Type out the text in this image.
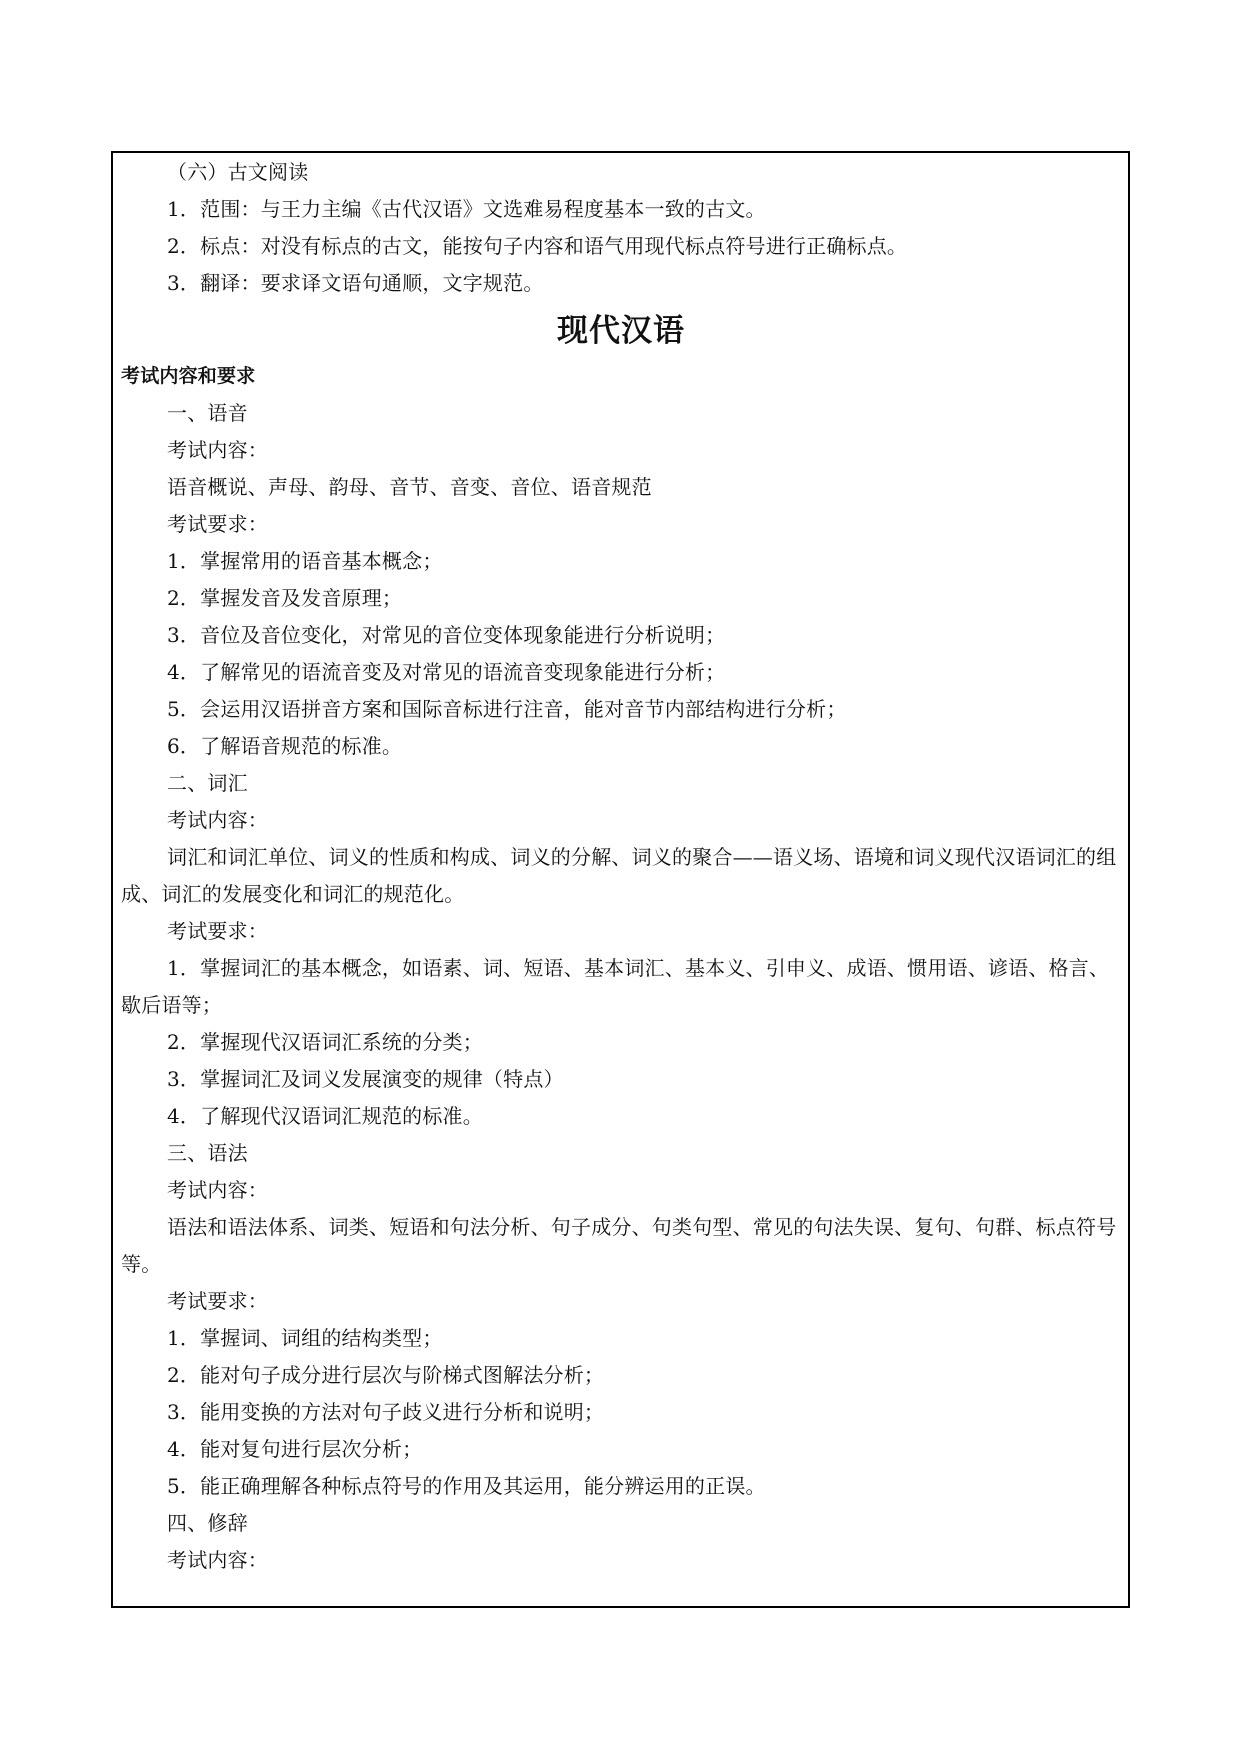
（六）古文阅读
1．范围：与王力主编《古代汉语》文选难易程度基本一致的古文。
2．标点：对没有标点的古文，能按句子内容和语气用现代标点符号进行正确标点。
3．翻译：要求译文语句通顺，文字规范。
现代汉语
考试内容和要求
一、语音
考试内容：
语音概说、声母、韵母、音节、音变、音位、语音规范
考试要求：
1．掌握常用的语音基本概念；
2．掌握发音及发音原理；
3．音位及音位变化，对常见的音位变体现象能进行分析说明；
4．了解常见的语流音变及对常见的语流音变现象能进行分析；
5．会运用汉语拼音方案和国际音标进行注音，能对音节内部结构进行分析；
6．了解语音规范的标准。
二、词汇
考试内容：
词汇和词汇单位、词义的性质和构成、词义的分解、词义的聚合——语义场、语境和词义现代汉语词汇的组成、词汇的发展变化和词汇的规范化。
考试要求：
1．掌握词汇的基本概念，如语素、词、短语、基本词汇、基本义、引申义、成语、惯用语、谚语、格言、歇后语等；
2．掌握现代汉语词汇系统的分类；
3．掌握词汇及词义发展演变的规律（特点）
4．了解现代汉语词汇规范的标准。
三、语法
考试内容：
语法和语法体系、词类、短语和句法分析、句子成分、句类句型、常见的句法失误、复句、句群、标点符号等。
考试要求：
1．掌握词、词组的结构类型；
2．能对句子成分进行层次与阶梯式图解法分析；
3．能用变换的方法对句子歧义进行分析和说明；
4．能对复句进行层次分析；
5．能正确理解各种标点符号的作用及其运用，能分辨运用的正误。
四、修辞
考试内容：
